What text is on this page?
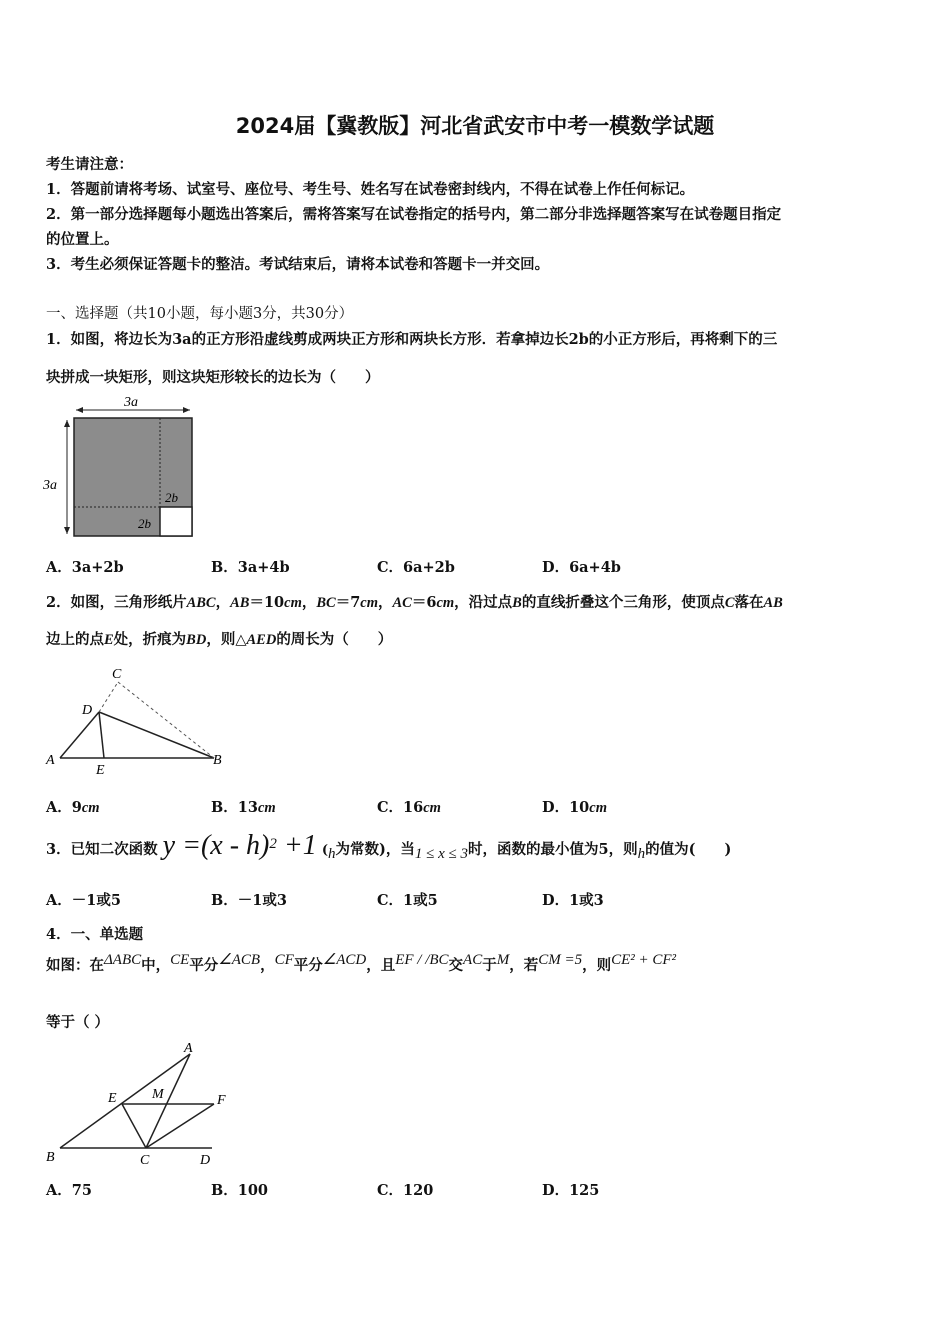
2024届【冀教版】河北省武安市中考一模数学试题
考生请注意：
1．答题前请将考场、试室号、座位号、考生号、姓名写在试卷密封线内，不得在试卷上作任何标记。
2．第一部分选择题每小题选出答案后，需将答案写在试卷指定的括号内，第二部分非选择题答案写在试卷题目指定
的位置上。
3．考生必须保证答题卡的整洁。考试结束后，请将本试卷和答题卡一并交回。
一、选择题（共10小题，每小题3分，共30分）
1．如图，将边长为3a的正方形沿虚线剪成两块正方形和两块长方形．若拿掉边长2b的小正方形后，再将剩下的三
块拼成一块矩形，则这块矩形较长的边长为（　　）
3a
3a
2b
2b
A．3a+2b	B．3a+4b	C．6a+2b	D．6a+4b
2．如图，三角形纸片ABC，AB＝10cm，BC＝7cm，AC＝6cm，沿过点B的直线折叠这个三角形，使顶点C落在AB
边上的点E处，折痕为BD，则△AED的周长为（　　）
A	B
C
D
E
A．9cm	B．13cm	C．16cm	D．10cm
3．已知二次函数 y =(x - h)$^2$ +1 ($_h$为常数)，当$_{1 \le x \le 3}$时，函数的最小值为5，则$_h$的值为(　　)
A．－1或5	B．－1或3	C．1或5	D．1或3
4．一、单选题
如图：在$^{\Delta ABC}$中，$^{CE}$平分$^{\angle ACB}$，$^{CF}$平分$^{\angle ACD}$，且$^{EF / /BC}$交$^{AC}$于$^M$，若$^{CM =5}$，则$^{CE^2 + CF^2}$
等于（ ）
A
B	C	D
E	F
M
A．75	B．100	C．120	D．125
